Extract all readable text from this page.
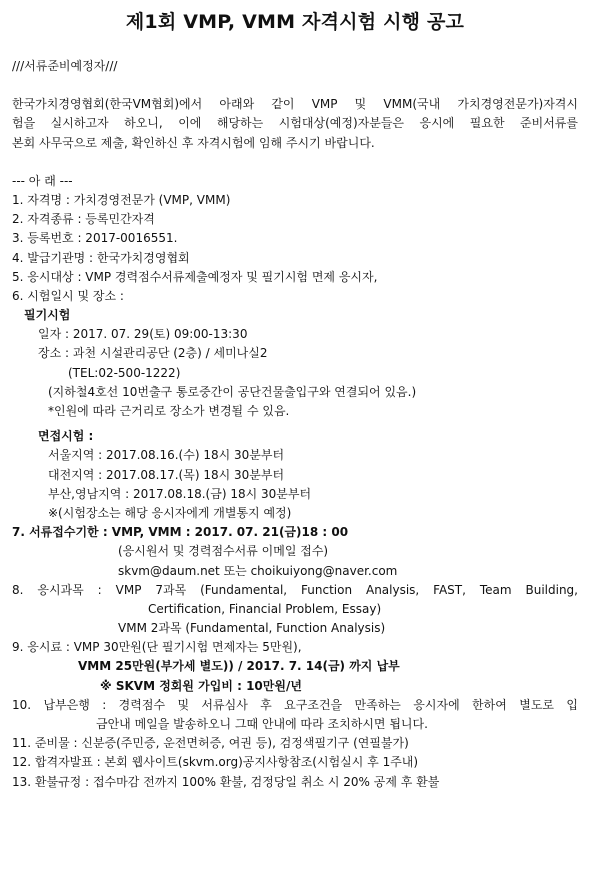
제1회 VMP, VMM 자격시험 시행 공고
///서류준비예정자///
한국가치경영협회(한국VM협회)에서 아래와 같이 VMP 및 VMM(국내 가치경영전문가)자격시
험을 실시하고자 하오니, 이에 해당하는 시험대상(예정)자분들은 응시에 필요한 준비서류를
본회 사무국으로 제출, 확인하신 후 자격시험에 임해 주시기 바랍니다.
--- 아 래 ---
1. 자격명 : 가치경영전문가 (VMP, VMM)
2. 자격종류 : 등록민간자격
3. 등록번호 : 2017-0016551.
4. 발급기관명 : 한국가치경영협회
5. 응시대상 : VMP 경력점수서류제출예정자 및 필기시험 면제 응시자,
6. 시험일시 및 장소 :
필기시험
일자 : 2017. 07. 29(토) 09:00-13:30
장소 : 과천 시설관리공단 (2층) / 세미나실2
(TEL:02-500-1222)
(지하철4호선 10번출구 통로중간이 공단건물출입구와 연결되어 있음.)
*인원에 따라 근거리로 장소가 변경될 수 있음.
면접시험 :
서울지역 : 2017.08.16.(수) 18시 30분부터
대전지역 : 2017.08.17.(목) 18시 30분부터
부산,영남지역 : 2017.08.18.(금) 18시 30분부터
※(시험장소는 해당 응시자에게 개별통지 예정)
7. 서류접수기한 : VMP, VMM : 2017. 07. 21(금)18 : 00
(응시원서 및 경력점수서류 이메일 접수)
skvm@daum.net 또는 choikuiyong@naver.com
8. 응시과목 : VMP 7과목 (Fundamental, Function Analysis, FAST, Team Building,
Certification, Financial Problem, Essay)
VMM 2과목 (Fundamental, Function Analysis)
9. 응시료 : VMP 30만원(단 필기시험 면제자는 5만원),
VMM 25만원(부가세 별도)) / 2017. 7. 14(금) 까지 납부
※ SKVM 정회원 가입비 : 10만원/년
10. 납부은행 : 경력점수 및 서류심사 후 요구조건을 만족하는 응시자에 한하여 별도로 입
금안내 메일을 발송하오니 그때 안내에 따라 조치하시면 됩니다.
11. 준비물 : 신분증(주민증, 운전면허증, 여권 등), 검정색필기구 (연필불가)
12. 합격자발표 : 본회 웹사이트(skvm.org)공지사항참조(시험실시 후 1주내)
13. 환불규정 : 접수마감 전까지 100% 환불, 검정당일 취소 시 20% 공제 후 환불
